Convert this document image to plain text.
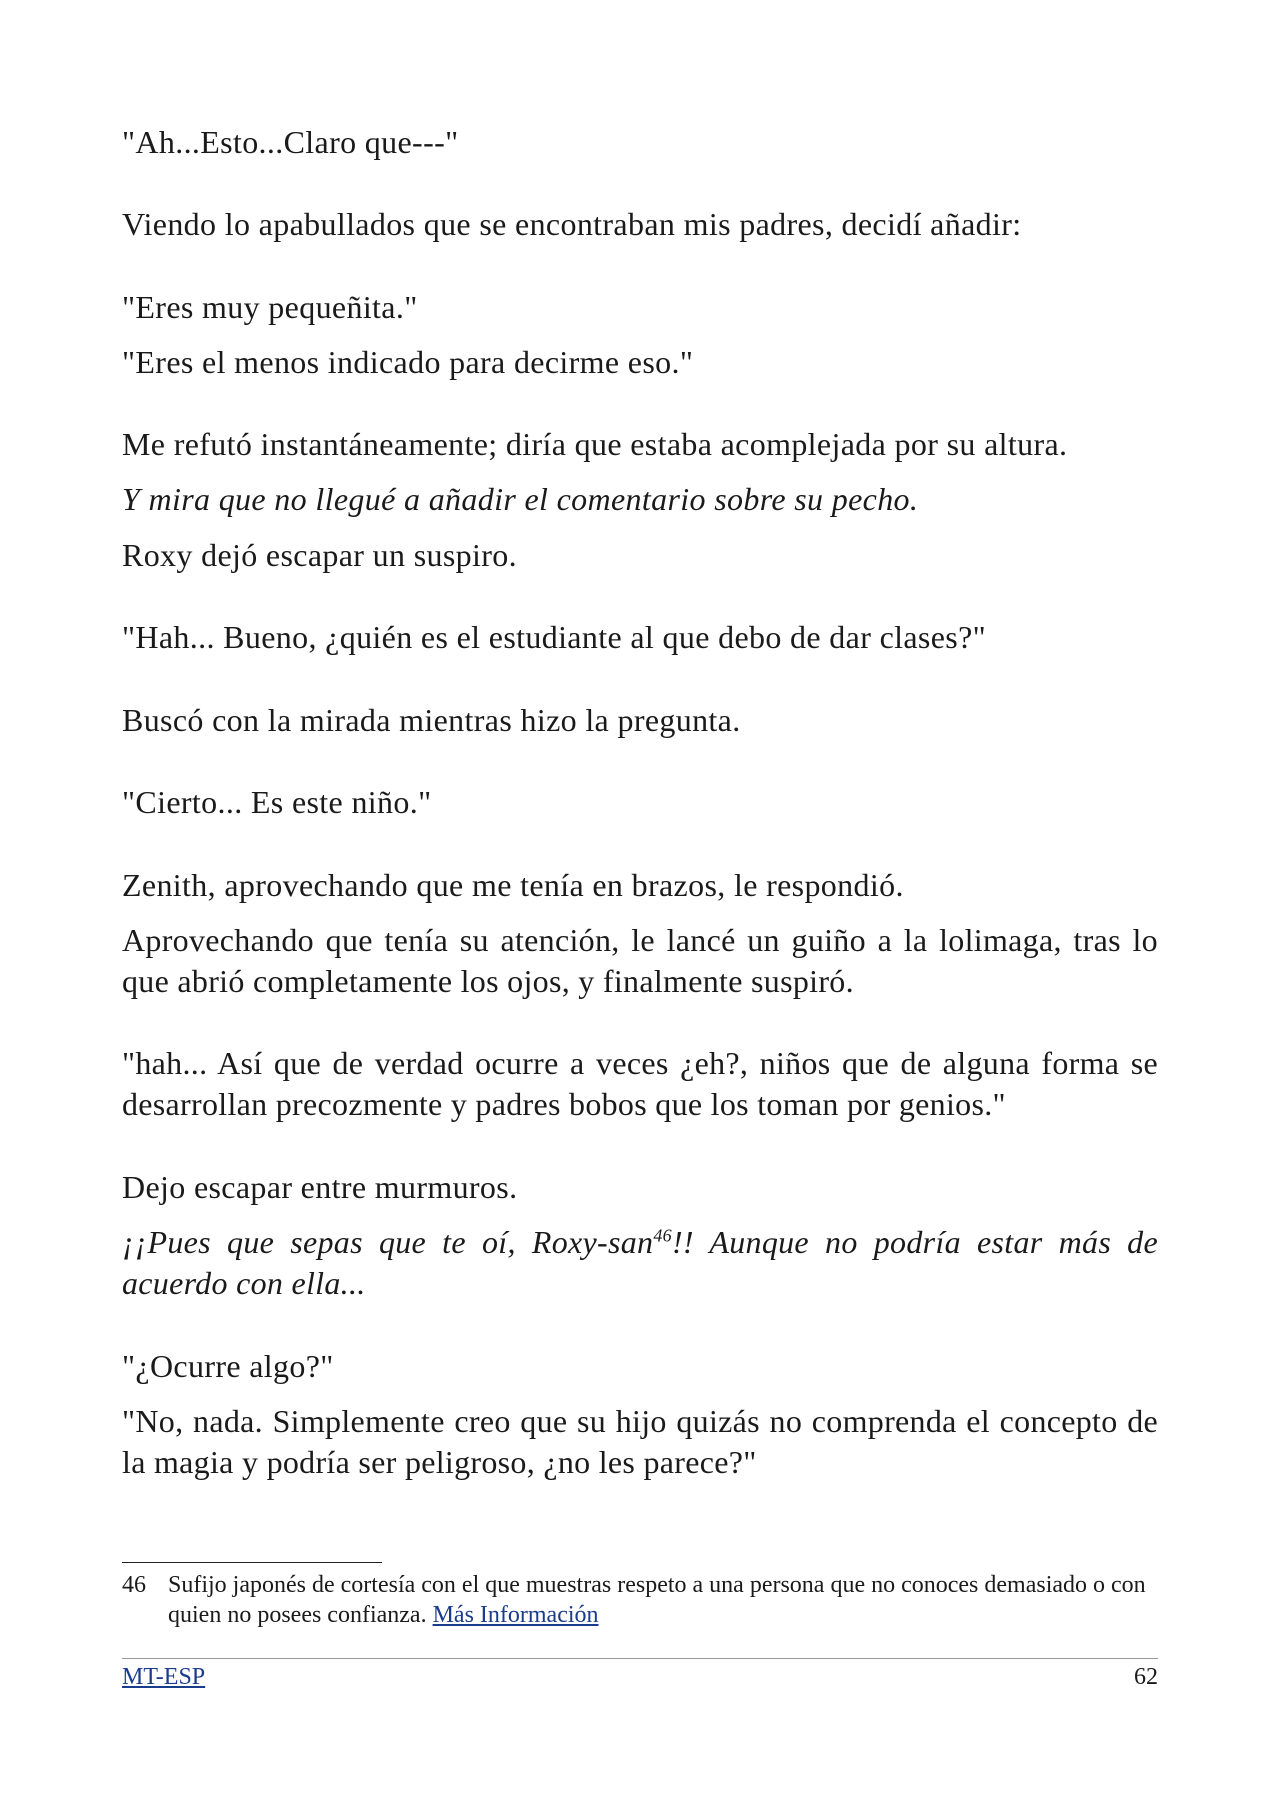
"Ah...Esto...Claro que---"
Viendo lo apabullados que se encontraban mis padres, decidí añadir:
"Eres muy pequeñita."
"Eres el menos indicado para decirme eso."
Me refutó instantáneamente; diría que estaba acomplejada por su altura.
Y mira que no llegué a añadir el comentario sobre su pecho.
Roxy dejó escapar un suspiro.
"Hah... Bueno, ¿quién es el estudiante al que debo de dar clases?"
Buscó con la mirada mientras hizo la pregunta.
"Cierto... Es este niño."
Zenith, aprovechando que me tenía en brazos, le respondió.
Aprovechando que tenía su atención, le lancé un guiño a la lolimaga, tras lo que abrió completamente los ojos, y finalmente suspiró.
"hah... Así que de verdad ocurre a veces ¿eh?, niños que de alguna forma se desarrollan precozmente y padres bobos que los toman por genios."
Dejo escapar entre murmuros.
¡¡Pues que sepas que te oí, Roxy-san$^{46}$!! Aunque no podría estar más de acuerdo con ella...
"¿Ocurre algo?"
"No, nada. Simplemente creo que su hijo quizás no comprenda el concepto de la magia y podría ser peligroso, ¿no les parece?"
46 Sufijo japonés de cortesía con el que muestras respeto a una persona que no conoces demasiado o con quien no posees confianza. Más Información
MT-ESP	62
